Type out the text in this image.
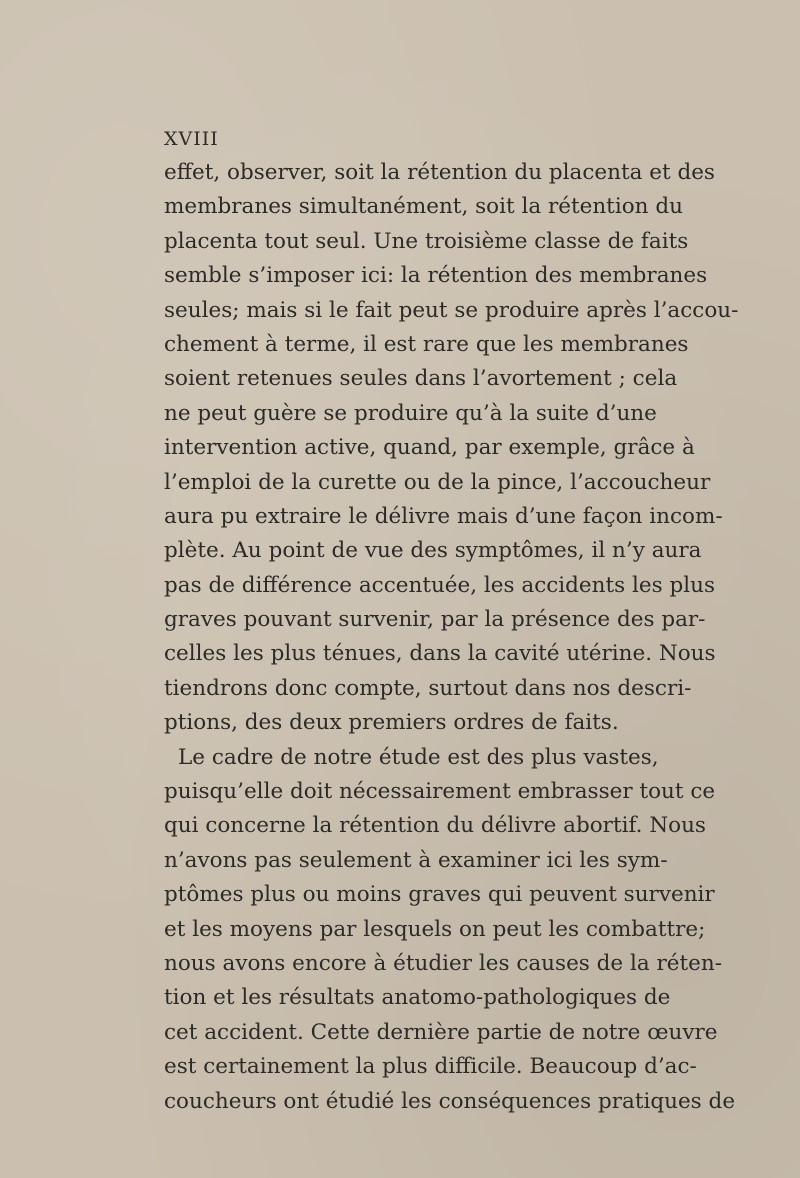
XVIII
effet, observer, soit la rétention du placenta et des
membranes simultanément, soit la rétention du
placenta tout seul. Une troisième classe de faits
semble s’imposer ici: la rétention des membranes
seules; mais si le fait peut se produire après l’accou-
chement à terme, il est rare que les membranes
soient retenues seules dans l’avortement ; cela
ne peut guère se produire qu’à la suite d’une
intervention active, quand, par exemple, grâce à
l’emploi de la curette ou de la pince, l’accoucheur
aura pu extraire le délivre mais d’une façon incom-
plète. Au point de vue des symptômes, il n’y aura
pas de différence accentuée, les accidents les plus
graves pouvant survenir, par la présence des par-
celles les plus ténues, dans la cavité utérine. Nous
tiendrons donc compte, surtout dans nos descri-
ptions, des deux premiers ordres de faits.
Le cadre de notre étude est des plus vastes,
puisqu’elle doit nécessairement embrasser tout ce
qui concerne la rétention du délivre abortif. Nous
n’avons pas seulement à examiner ici les sym-
ptômes plus ou moins graves qui peuvent survenir
et les moyens par lesquels on peut les combattre;
nous avons encore à étudier les causes de la réten-
tion et les résultats anatomo-pathologiques de
cet accident. Cette dernière partie de notre œuvre
est certainement la plus difficile. Beaucoup d’ac-
coucheurs ont étudié les conséquences pratiques de
